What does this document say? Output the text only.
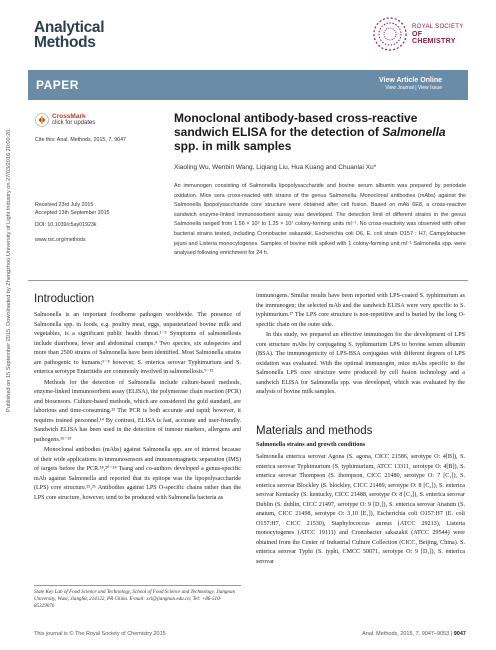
Analytical
Methods
ROYAL SOCIETY
OF CHEMISTRY
Published on 15 September 2015. Downloaded by Zhengzhou University of Light Industry on 27/03/2016 20:00:20.
PAPER	View Article Online
View Journal | View Issue
CrossMark
click for updates
Cite this: Anal. Methods, 2015, 7, 9047
Monoclonal antibody-based cross-reactive sandwich ELISA for the detection of Salmonella spp. in milk samples
Xiaoling Wu, Wenbin Wang, Liqiang Liu, Hua Kuang and Chuanlai Xu*
An immunogen consisting of Salmonella lipopolysaccharide and bovine serum albumin was prepared by periodate oxidation. Mice sera cross-reacted with strains of the genus Salmonella. Monoclonal antibodies (mAbs) against the Salmonella lipopolysaccharide core structure were obtained after cell fusion. Based on mAb 6E8, a cross-reactive sandwich enzyme-linked immunosorbent assay was developed. The detection limit of different strains in the genus Salmonella ranged from 1.56 × 10⁵ to 1.25 × 10⁷ colony-forming units ml⁻¹. No cross-reactivity was observed with other bacterial strains tested, including Cronobacter sakazakii, Escherichia coli O6, E. coli strain O157 : H7, Campylobacter jejuni and Listeria monocytogenes. Samples of bovine milk spiked with 1 colony-forming unit ml⁻¹ Salmonella spp. were analysed following enrichment for 24 h.
Received 23rd July 2015
Accepted 13th September 2015
DOI: 10.1039/c5ay01923k
www.rsc.org/methods
Introduction

Salmonella is an important foodborne pathogen worldwide. The presence of Salmonella spp. in foods, e.g. poultry meat, eggs, unpasteurized bovine milk and vegetables, is a significant public health threat.¹⁻³ Symptoms of salmonellosis include diarrhoea, fever and abdominal cramps.⁴ Two species, six subspecies and more than 2500 strains of Salmonella have been identified. Most Salmonella strains are pathogenic to humans;⁵⁻⁸ however, S. enterica serovar Typhimurium and S. enterica serotype Enteritidis are commonly involved in salmonellosis.⁹⁻¹²

Methods for the detection of Salmonella include culture-based methods, enzyme-linked immunosorbent assay (ELISA), the polymerase chain reaction (PCR) and biosensors. Culture-based methods, which are considered the gold standard, are laborious and time-consuming.¹³ The PCR is both accurate and rapid; however, it requires trained personnel.¹⁴ By contrast, ELISA is fast, accurate and user-friendly. Sandwich ELISA has been used in the detection of tumour markers, allergens and pathogens.¹⁵⁻¹⁹

Monoclonal antibodies (mAbs) against Salmonella spp. are of interest because of their wide applications in immunosensors and immunomagnetic separation (IMS) of targets before the PCR.¹⁸,²⁰⁻²⁴ Tsang and co-authors developed a genus-specific mAb against Salmonella and reported that its epitope was the lipopolysaccharide (LPS) core structure.²⁵,²⁶ Antibodies against LPS O-specific chains rather than the LPS core structure, however, tend to be produced with Salmonella bacteria as

immunogens. Similar results have been reported with LPS-coated S. typhimurium as the immunogen; the selected mAb and the sandwich ELISA were very specific to S. typhimurium.²⁷ The LPS core structure is non-repetitive and is buried by the long O-specific chain on the outer side.

In this study, we prepared an effective immunogen for the development of LPS core structure mAbs by conjugating S. typhimurium LPS to bovine serum albumin (BSA). The immunogenicity of LPS-BSA conjugates with different degrees of LPS oxidation was evaluated. With the optimal immunogen, mice mAbs specific to the Salmonella LPS core structure were produced by cell fusion technology and a sandwich ELISA for Salmonella spp. was developed, which was evaluated by the analysis of bovine milk samples.

Materials and methods
Salmonella strains and growth conditions

Salmonella enterica serovar Agona (S. agona, CICC 21586, serotype O: 4[B]), S. enterica serovar Typhimurium (S. typhimurium, ATCC 13311, serotype O: 4[B]), S. enterica serovar Thompson (S. thompson, CICC 21480, serotype O: 7 [C₁]), S. enterica serovar Blockley (S. blockley, CICC 21489, serotype O: 8 [C₂]), S. enterica serovar Kentucky (S. kentucky, CICC 21488, serotype O: 8 [C₃]), S. enterica serovar Dublin (S. dublin, CICC 21497, serotype O: 9 [D₁]), S. enterica serovar Anatum (S. anatum, CICC 21498, serotype O: 3,10 [E₁]), Escherichia coli O157:H7 (E. coli O157:H7, CICC 21530), Staphylococcus aureus (ATCC 29213), Listeria monocytogenes (ATCC 19111) and Cronobacter sakazakii (ATCC 29544) were obtained from the Center of Industrial Culture Collection (CICC, Beijing, China). S. enterica serovar Typhi (S. typhi, CMCC 50071, serotype O: 9 [D₁]), S. enterica serovar

State Key Lab of Food Science and Technology, School of Food Science and Technology, Jiangnan University, Wuxi, JiangSu, 214122, PR China. E-mail: xcl@jiangnan.edu.cn; Tel: +86-510-85329076
This journal is © The Royal Society of Chemistry 2015	Anal. Methods, 2015, 7, 9047–9053 | 9047
